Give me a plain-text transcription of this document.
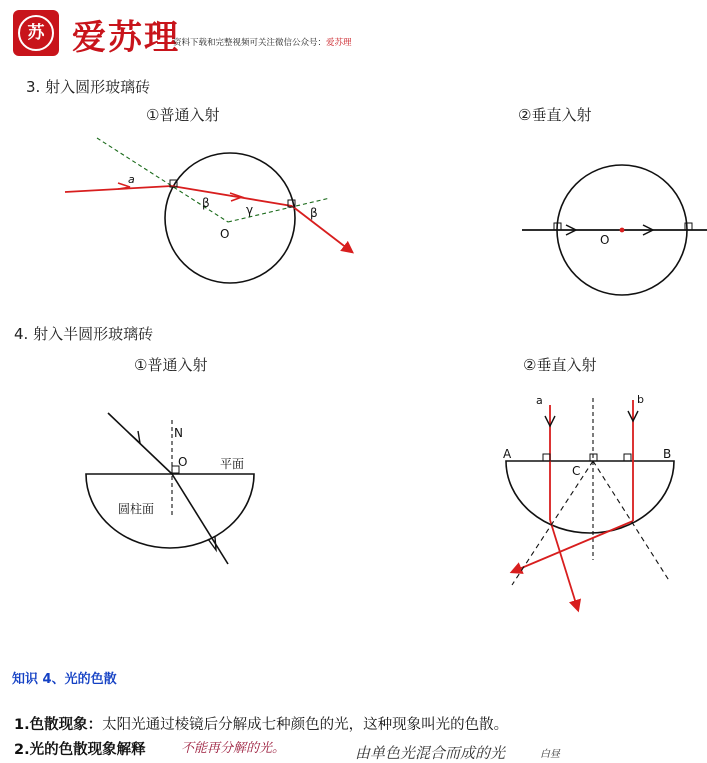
苏 爱苏理
资料下载和完整视频可关注微信公众号：爱苏理
3. 射入圆形玻璃砖
①普通入射	②垂直入射
4. 射入半圆形玻璃砖
①普通入射	②垂直入射
a
β	γ	β
O	O
N
O	平面
圆柱面
a	b
A	B
C
知识 4、光的色散
1.色散现象：太阳光通过棱镜后分解成七种颜色的光，这种现象叫光的色散。
2.光的色散现象解释	不能再分解的光。	由单色光混合而成的光	白昼
